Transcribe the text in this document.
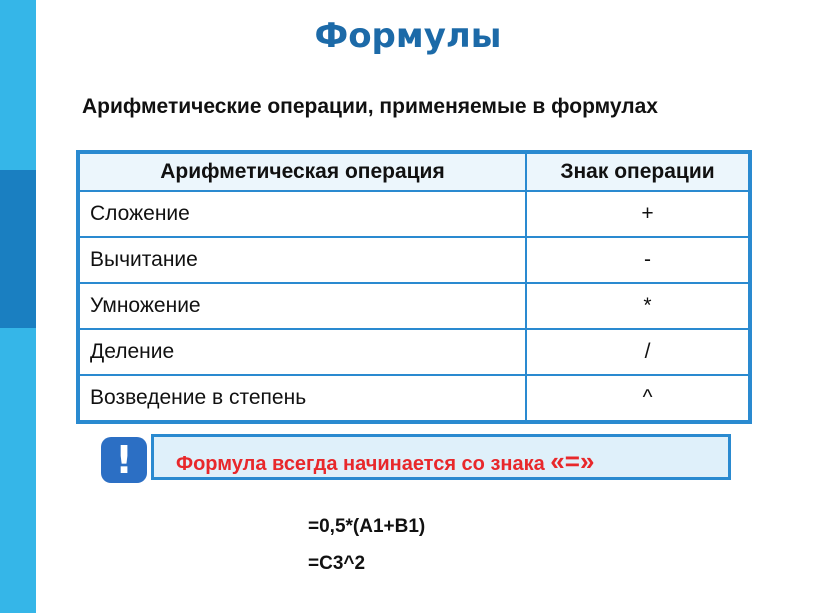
Формулы
Арифметические операции, применяемые в формулах
Арифметическая операция	Знак операции
Сложение	+
Вычитание	-
Умножение	*
Деление	/
Возведение в степень	^
Формула всегда начинается со знака «=»
!
=0,5*(A1+B1)
=C3^2
